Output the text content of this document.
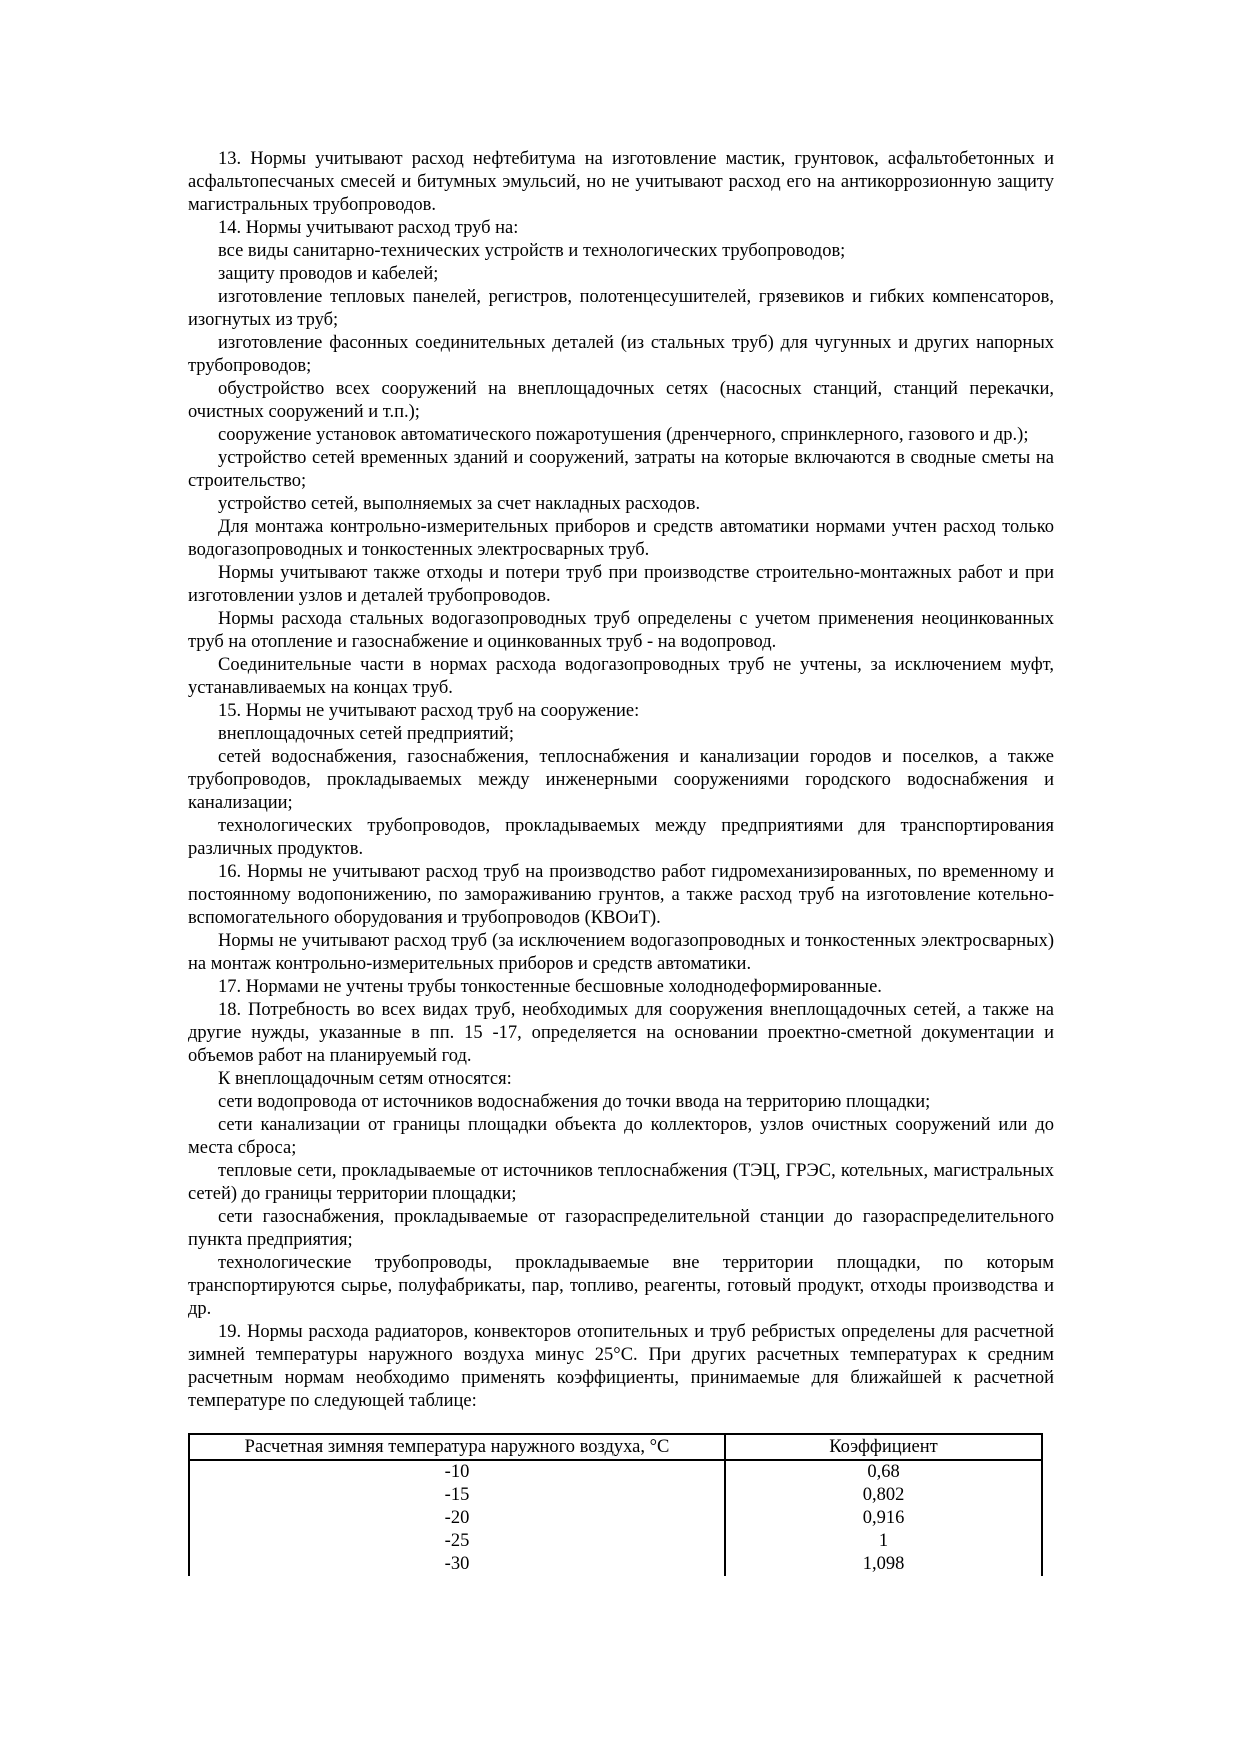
13. Нормы учитывают расход нефтебитума на изготовление мастик, грунтовок, асфальтобетонных и асфальтопесчаных смесей и битумных эмульсий, но не учитывают расход его на антикоррозионную защиту магистральных трубопроводов.

14. Нормы учитывают расход труб на:

все виды санитарно-технических устройств и технологических трубопроводов;

защиту проводов и кабелей;

изготовление тепловых панелей, регистров, полотенцесушителей, грязевиков и гибких компенсаторов, изогнутых из труб;

изготовление фасонных соединительных деталей (из стальных труб) для чугунных и других напорных трубопроводов;

обустройство всех сооружений на внеплощадочных сетях (насосных станций, станций перекачки, очистных сооружений и т.п.);

сооружение установок автоматического пожаротушения (дренчерного, спринклерного, газового и др.);

устройство сетей временных зданий и сооружений, затраты на которые включаются в сводные сметы на строительство;

устройство сетей, выполняемых за счет накладных расходов.

Для монтажа контрольно-измерительных приборов и средств автоматики нормами учтен расход только водогазопроводных и тонкостенных электросварных труб.

Нормы учитывают также отходы и потери труб при производстве строительно-монтажных работ и при изготовлении узлов и деталей трубопроводов.

Нормы расхода стальных водогазопроводных труб определены с учетом применения неоцинкованных труб на отопление и газоснабжение и оцинкованных труб - на водопровод.

Соединительные части в нормах расхода водогазопроводных труб не учтены, за исключением муфт, устанавливаемых на концах труб.

15. Нормы не учитывают расход труб на сооружение:

внеплощадочных сетей предприятий;

сетей водоснабжения, газоснабжения, теплоснабжения и канализации городов и поселков, а также трубопроводов, прокладываемых между инженерными сооружениями городского водоснабжения и канализации;

технологических трубопроводов, прокладываемых между предприятиями для транспортирования различных продуктов.

16. Нормы не учитывают расход труб на производство работ гидромеханизированных, по временному и постоянному водопонижению, по замораживанию грунтов, а также расход труб на изготовление котельно-вспомогательного оборудования и трубопроводов (КВОиТ).

Нормы не учитывают расход труб (за исключением водогазопроводных и тонкостенных электросварных) на монтаж контрольно-измерительных приборов и средств автоматики.

17. Нормами не учтены трубы тонкостенные бесшовные холоднодеформированные.

18. Потребность во всех видах труб, необходимых для сооружения внеплощадочных сетей, а также на другие нужды, указанные в пп. 15 -17, определяется на основании проектно-сметной документации и объемов работ на планируемый год.

К внеплощадочным сетям относятся:

сети водопровода от источников водоснабжения до точки ввода на территорию площадки;

сети канализации от границы площадки объекта до коллекторов, узлов очистных сооружений или до места сброса;

тепловые сети, прокладываемые от источников теплоснабжения (ТЭЦ, ГРЭС, котельных, магистральных сетей) до границы территории площадки;

сети газоснабжения, прокладываемые от газораспределительной станции до газораспределительного пункта предприятия;

технологические трубопроводы, прокладываемые вне территории площадки, по которым транспортируются сырье, полуфабрикаты, пар, топливо, реагенты, готовый продукт, отходы производства и др.

19. Нормы расхода радиаторов, конвекторов отопительных и труб ребристых определены для расчетной зимней температуры наружного воздуха минус 25°С. При других расчетных температурах к средним расчетным нормам необходимо применять коэффициенты, принимаемые для ближайшей к расчетной температуре по следующей таблице:

Расчетная зимняя температура наружного воздуха, °С	Коэффициент
-10	0,68
-15	0,802
-20	0,916
-25	1
-30	1,098
